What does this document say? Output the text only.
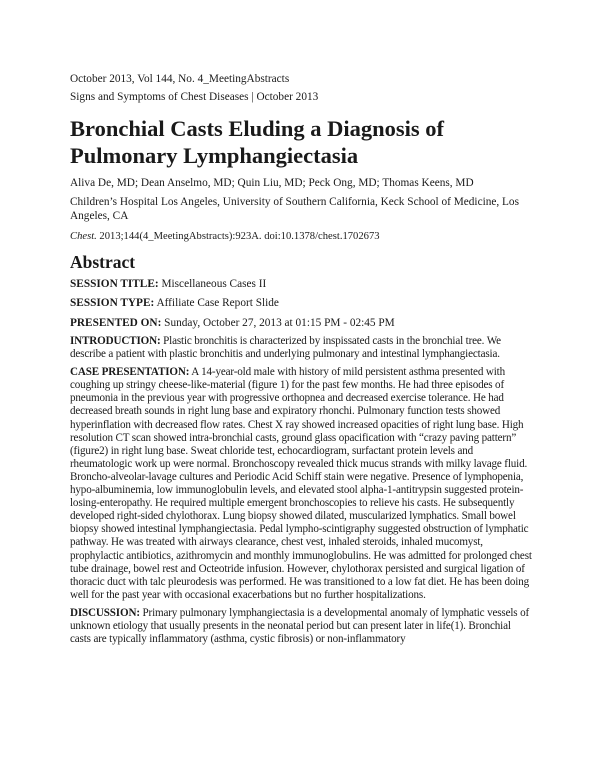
October 2013, Vol 144, No. 4_MeetingAbstracts
Signs and Symptoms of Chest Diseases | October 2013
Bronchial Casts Eluding a Diagnosis of Pulmonary Lymphangiectasia
Aliva De, MD; Dean Anselmo, MD; Quin Liu, MD; Peck Ong, MD; Thomas Keens, MD
Children’s Hospital Los Angeles, University of Southern California, Keck School of Medicine, Los Angeles, CA
Chest. 2013;144(4_MeetingAbstracts):923A. doi:10.1378/chest.1702673
Abstract
SESSION TITLE: Miscellaneous Cases II
SESSION TYPE: Affiliate Case Report Slide
PRESENTED ON: Sunday, October 27, 2013 at 01:15 PM - 02:45 PM

INTRODUCTION: Plastic bronchitis is characterized by inspissated casts in the bronchial tree. We describe a patient with plastic bronchitis and underlying pulmonary and intestinal lymphangiectasia.

CASE PRESENTATION: A 14-year-old male with history of mild persistent asthma presented with coughing up stringy cheese-like-material (figure 1) for the past few months. He had three episodes of pneumonia in the previous year with progressive orthopnea and decreased exercise tolerance. He had decreased breath sounds in right lung base and expiratory rhonchi. Pulmonary function tests showed hyperinflation with decreased flow rates. Chest X ray showed increased opacities of right lung base. High resolution CT scan showed intra-bronchial casts, ground glass opacification with “crazy paving pattern” (figure2) in right lung base. Sweat chloride test, echocardiogram, surfactant protein levels and rheumatologic work up were normal. Bronchoscopy revealed thick mucus strands with milky lavage fluid. Broncho-alveolar-lavage cultures and Periodic Acid Schiff stain were negative. Presence of lymphopenia, hypo-albuminemia, low immunoglobulin levels, and elevated stool alpha-1-antitrypsin suggested protein-losing-enteropathy. He required multiple emergent bronchoscopies to relieve his casts. He subsequently developed right-sided chylothorax. Lung biopsy showed dilated, muscularized lymphatics. Small bowel biopsy showed intestinal lymphangiectasia. Pedal lympho-scintigraphy suggested obstruction of lymphatic pathway. He was treated with airways clearance, chest vest, inhaled steroids, inhaled mucomyst, prophylactic antibiotics, azithromycin and monthly immunoglobulins. He was admitted for prolonged chest tube drainage, bowel rest and Octeotride infusion. However, chylothorax persisted and surgical ligation of thoracic duct with talc pleurodesis was performed. He was transitioned to a low fat diet. He has been doing well for the past year with occasional exacerbations but no further hospitalizations.

DISCUSSION: Primary pulmonary lymphangiectasia is a developmental anomaly of lymphatic vessels of unknown etiology that usually presents in the neonatal period but can present later in life(1). Bronchial casts are typically inflammatory (asthma, cystic fibrosis) or non-inflammatory
